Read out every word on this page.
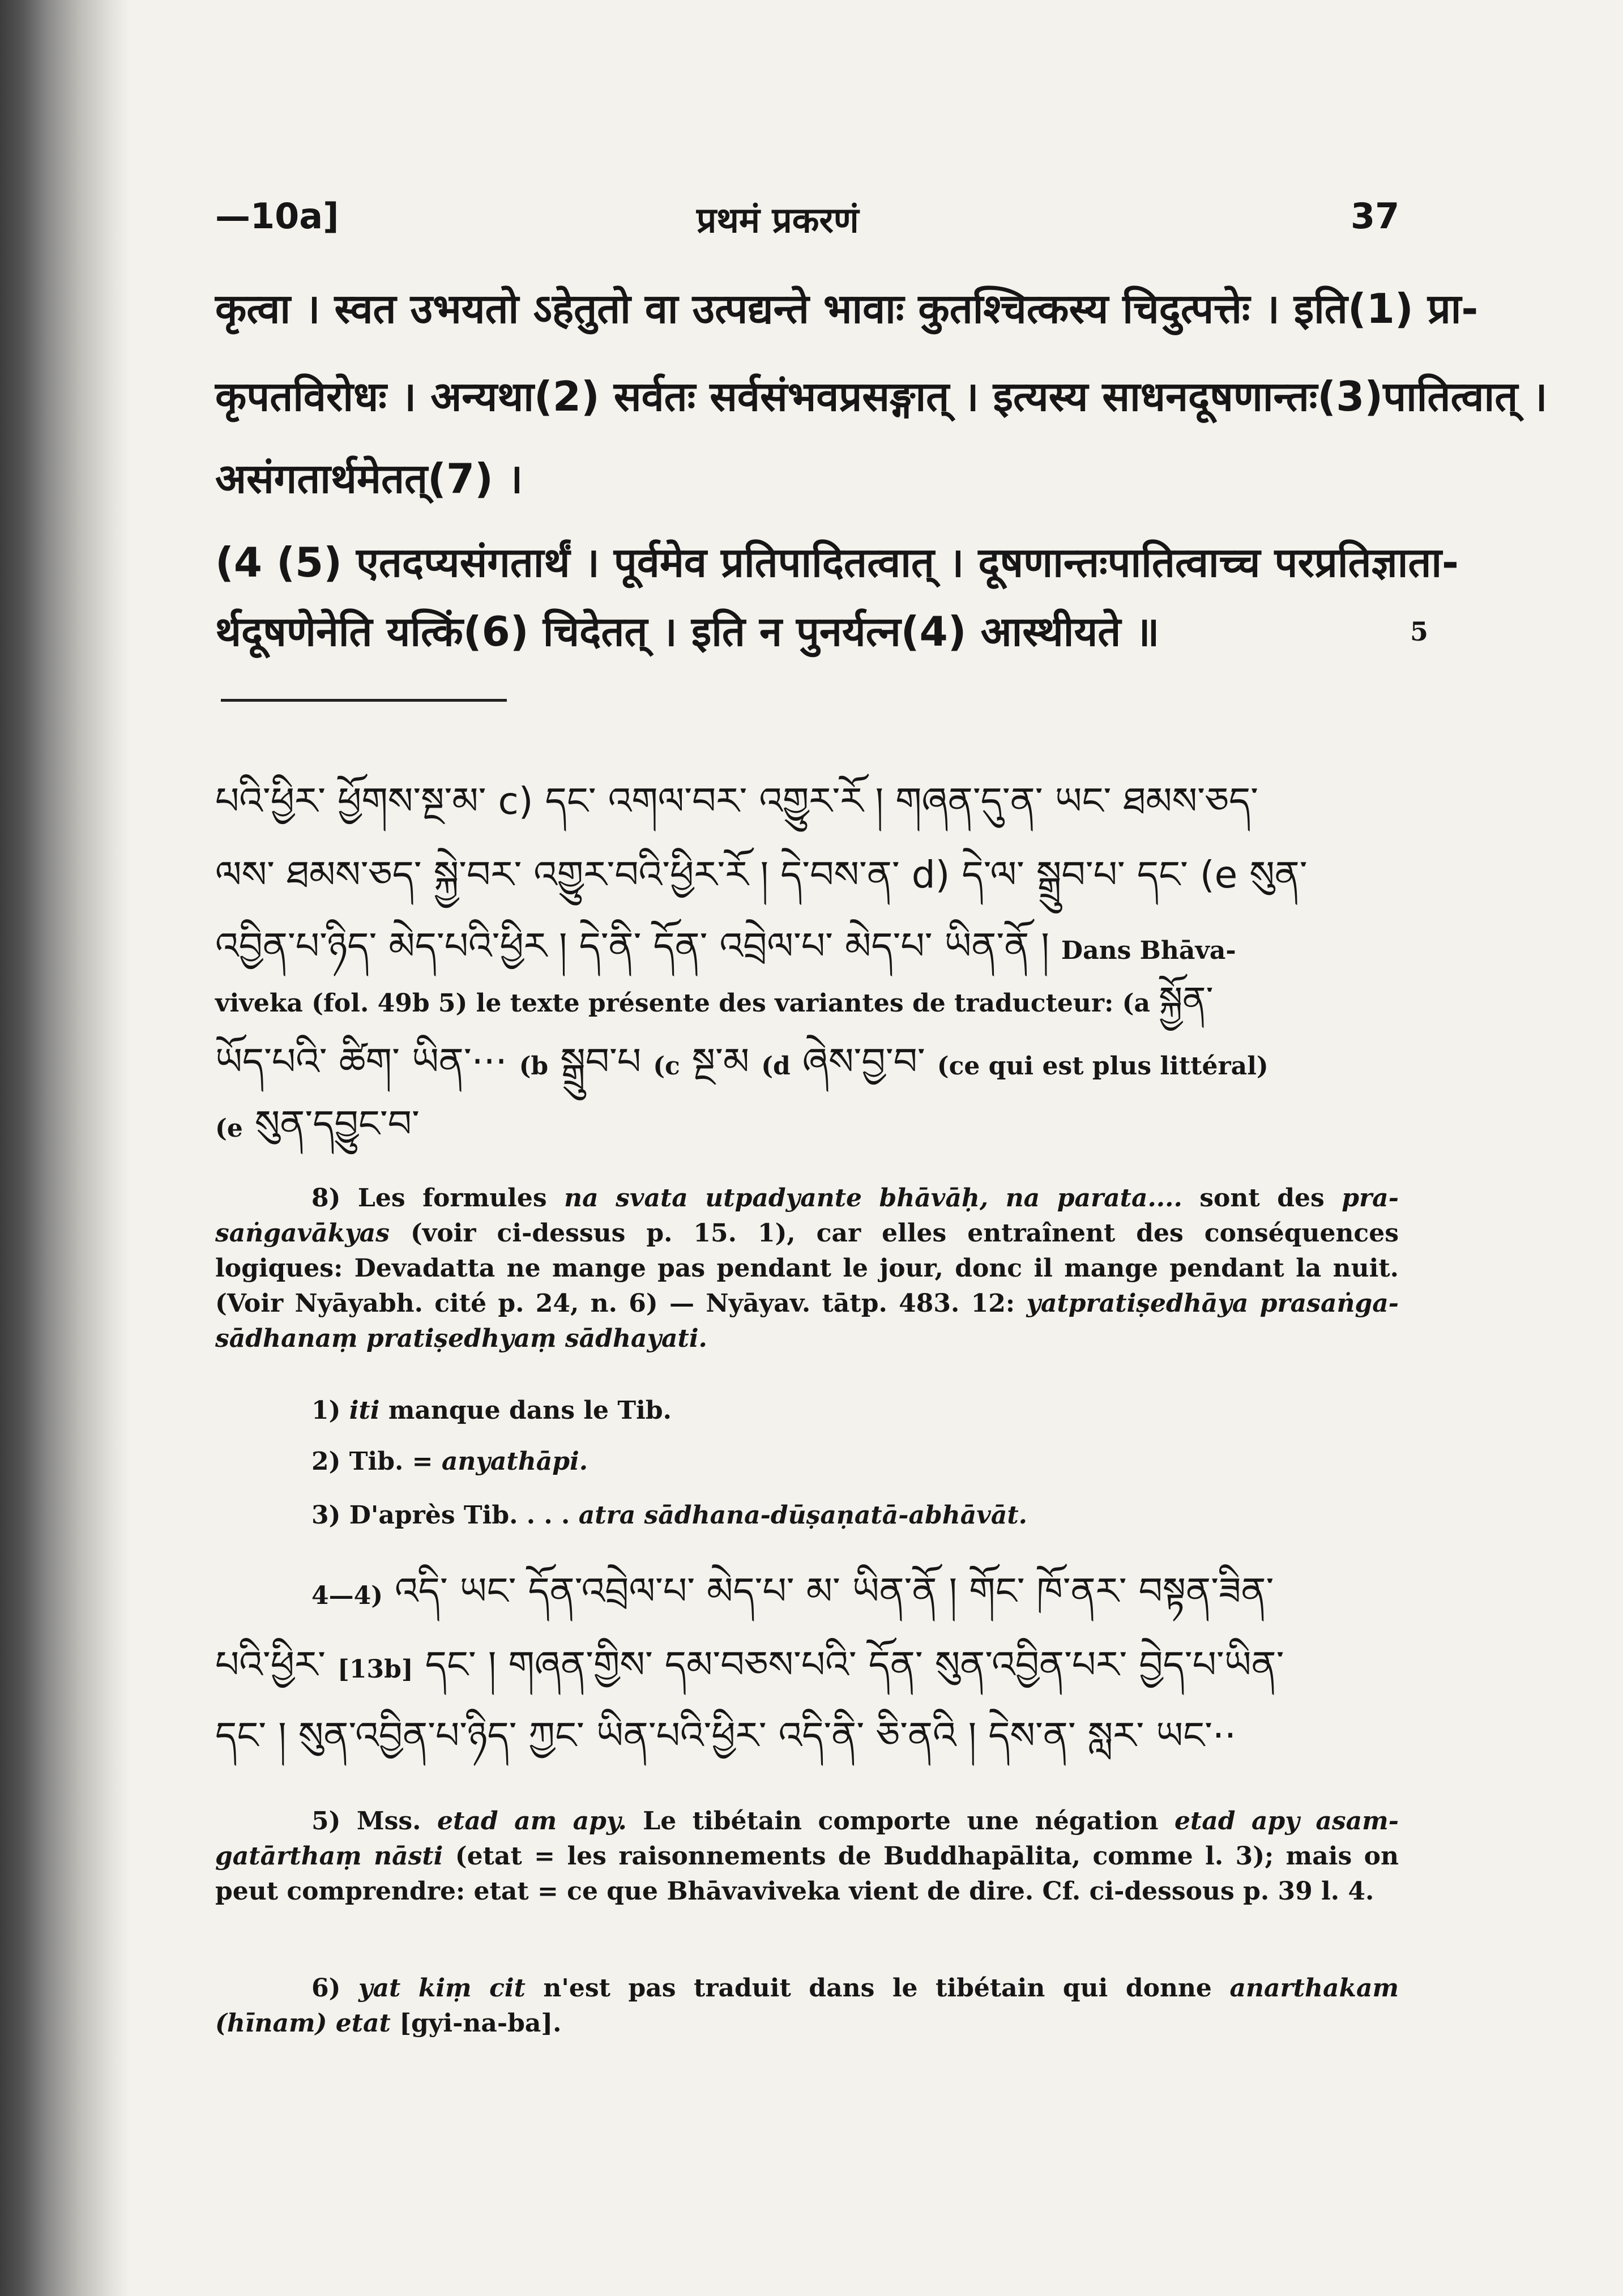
—10a]	प्रथमं प्रकरणं	37
कृत्वा । स्वत उभयतो ऽहेतुतो वा उत्पद्यन्ते भावाः कुतश्चित्कस्य चिदुत्पत्तेः । इति(1) प्रा-
कृपतविरोधः । अन्यथा(2) सर्वतः सर्वसंभवप्रसङ्गात् । इत्यस्य साधनदूषणान्तः(3)पातित्वात् ।
असंगतार्थमेतत्(7) ।
(4 (5) एतदप्यसंगतार्थं । पूर्वमेव प्रतिपादितत्वात् । दूषणान्तःपातित्वाच्च परप्रतिज्ञाता-
र्थदूषणेनेति यत्किं(6) चिदेतत् । इति न पुनर्यत्न(4) आस्थीयते ॥	5
པའི་ཕྱིར་ ཕྱོགས་སྔ་མ་ c) དང་ འགལ་བར་ འགྱུར་རོ ། གཞན་དུ་ན་ ཡང་ ཐམས་ཅད་
ལས་ ཐམས་ཅད་ སྐྱེ་བར་ འགྱུར་བའི་ཕྱིར་རོ ། དེ་བས་ན་ d) དེ་ལ་ སྒྲུབ་པ་ དང་ (e སུན་
འབྱིན་པ་ཉིད་ མེད་པའི་ཕྱིར ། དེ་ནི་ དོན་ འབྲེལ་པ་ མེད་པ་ ཡིན་ནོ ། Dans Bhāva-
viveka (fol. 49b 5) le texte présente des variantes de traducteur: (a སྐྱོན་
ཡོད་པའི་ ཚིག་ ཡིན་··· (b སྒྲུབ་པ (c སྔ་མ (d ཞེས་བྱ་བ་ (ce qui est plus littéral)
(e སུན་དབྱུང་བ་
8) Les formules na svata utpadyante bhāvāḥ, na parata.... sont des pra-saṅgavākyas (voir ci-dessus p. 15. 1), car elles entraînent des conséquences logiques: Devadatta ne mange pas pendant le jour, donc il mange pendant la nuit. (Voir Nyāyabh. cité p. 24, n. 6) — Nyāyav. tātp. 483. 12: yatpratiṣedhāya prasaṅga-sādhanaṃ pratiṣedhyaṃ sādhayati.
1) iti manque dans le Tib.
2) Tib. = anyathāpi.
3) D'après Tib. . . . atra sādhana-dūṣaṇatā-abhāvāt.
4—4) འདི་ ཡང་ དོན་འབྲེལ་པ་ མེད་པ་ མ་ ཡིན་ནོ ། གོང་ ཁོ་ནར་ བསྟན་ཟིན་
པའི་ཕྱིར་ [13b] དང་ ། གཞན་གྱིས་ དམ་བཅས་པའི་ དོན་ སུན་འབྱིན་པར་ བྱེད་པ་ཡིན་
དང་ ། སུན་འབྱིན་པ་ཉིད་ ཀྱང་ ཡིན་པའི་ཕྱིར་ འདི་ནི་ ཅི་ནའི ། དེས་ན་ སླར་ ཡང་··
5) Mss. etad am apy. Le tibétain comporte une négation etad apy asam-gatārthaṃ nāsti (etat = les raisonnements de Buddhapālita, comme l. 3); mais on peut comprendre: etat = ce que Bhāvaviveka vient de dire. Cf. ci-dessous p. 39 l. 4.
6) yat kiṃ cit n'est pas traduit dans le tibétain qui donne anarthakam (hīnam) etat [gyi-na-ba].
